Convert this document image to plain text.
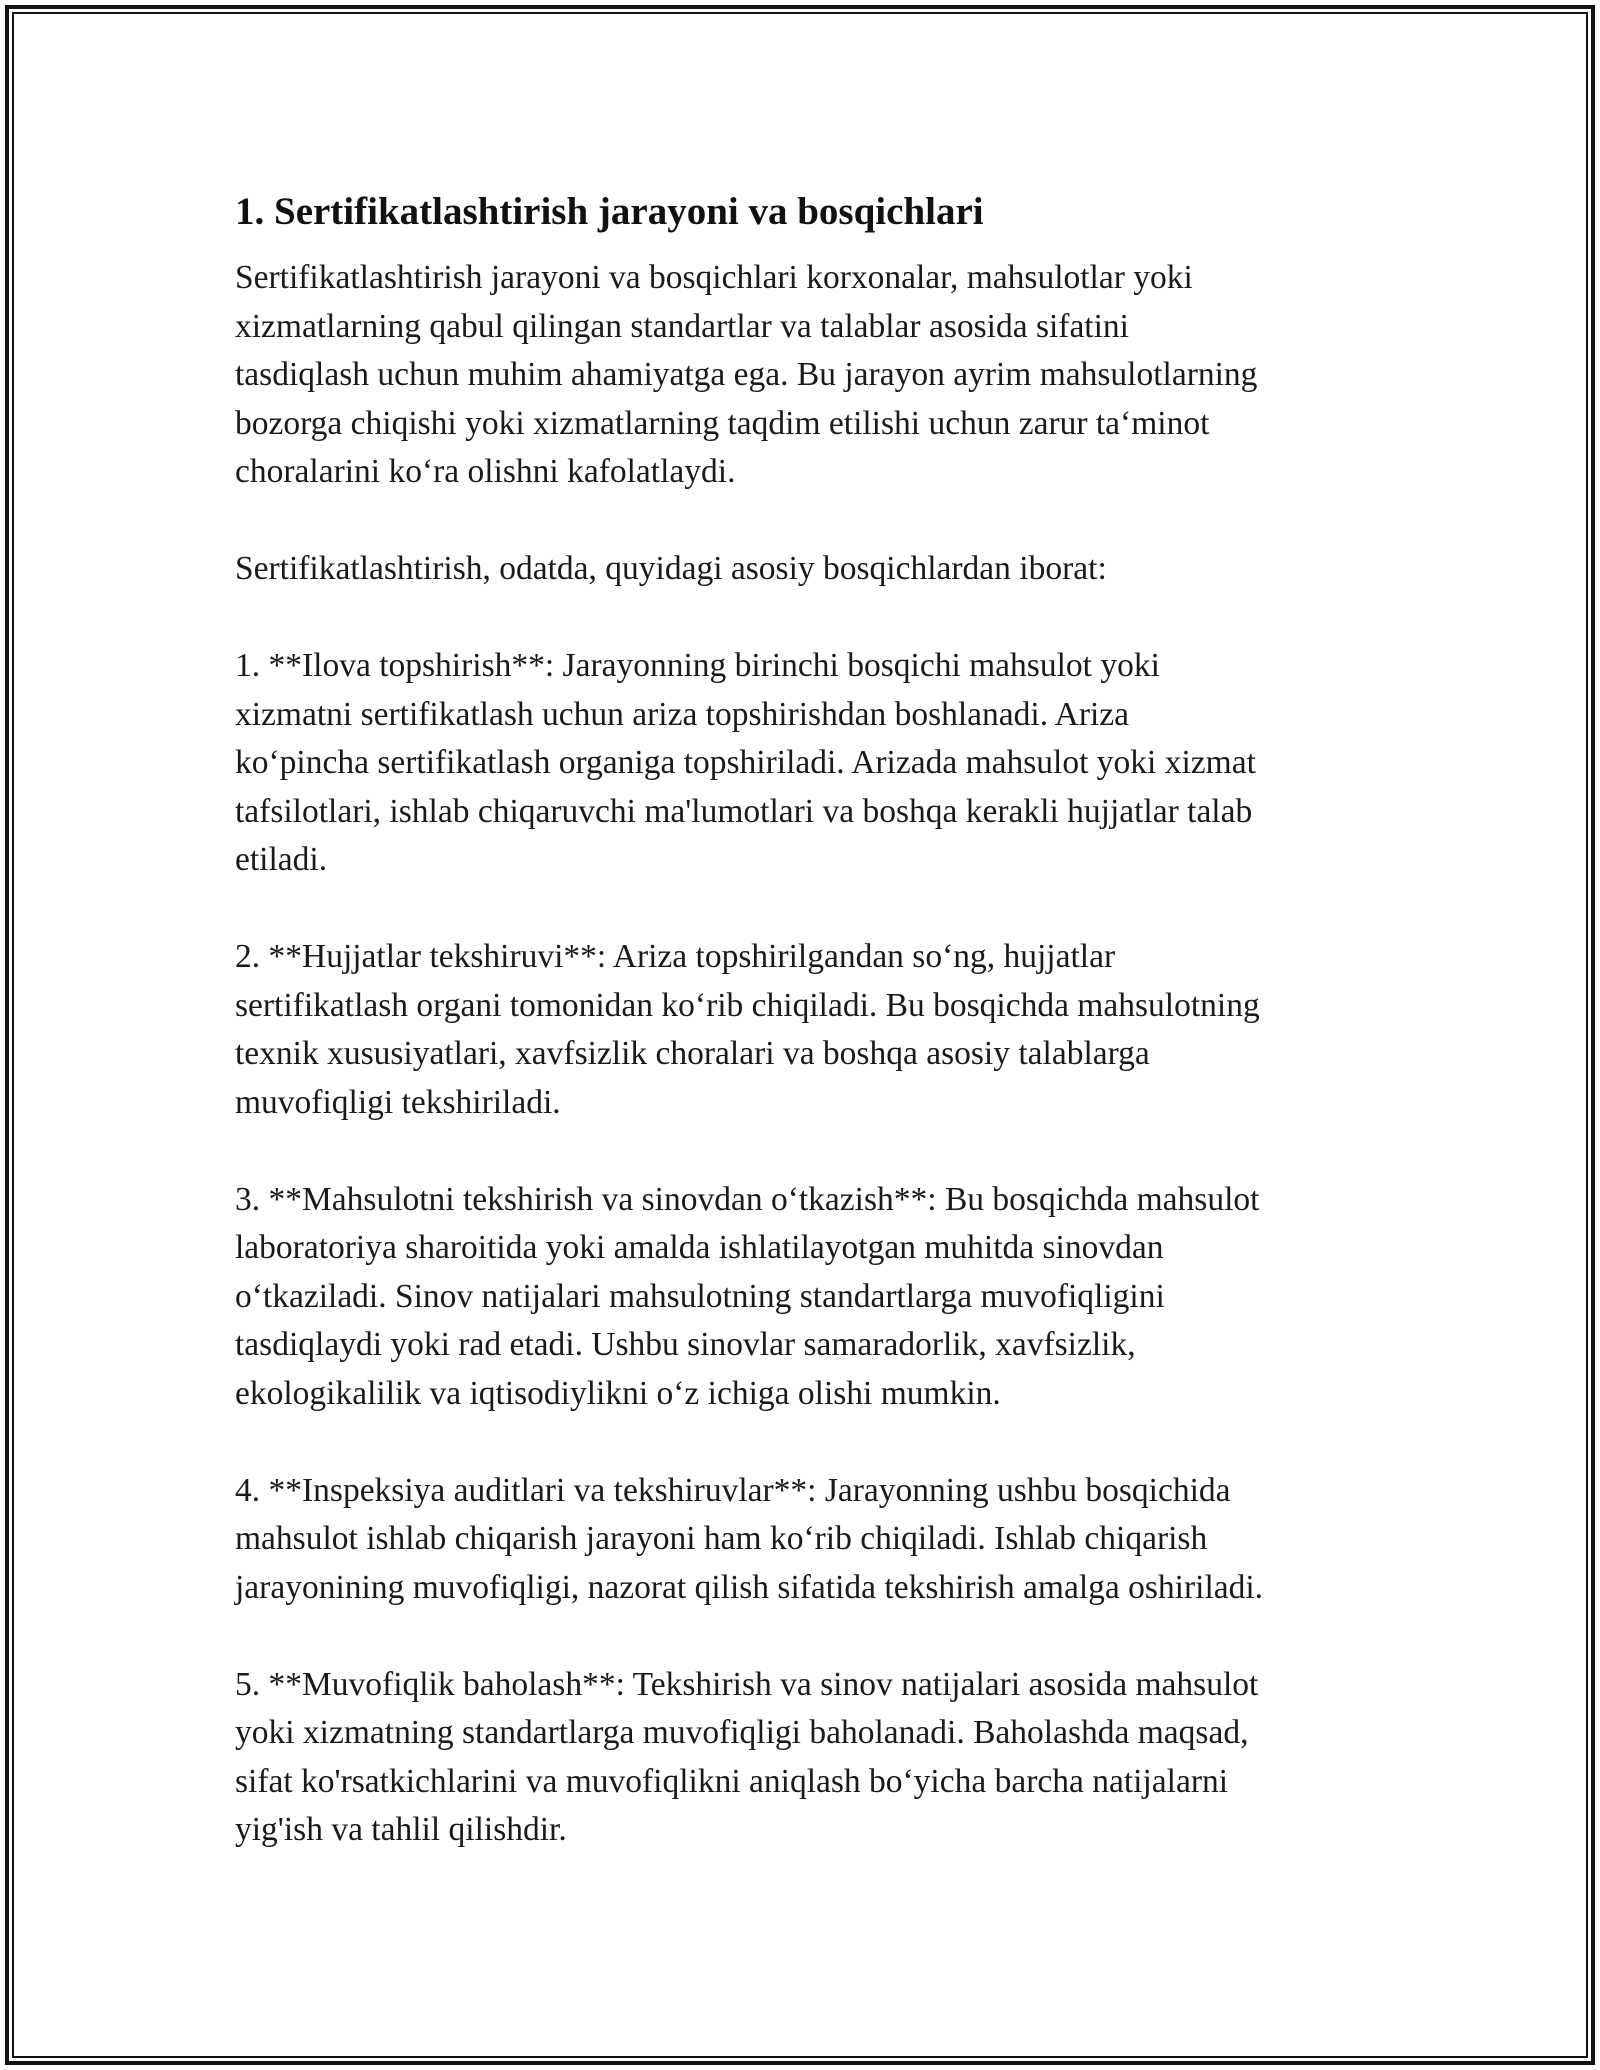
1. Sertifikatlashtirish jarayoni va bosqichlari

Sertifikatlashtirish jarayoni va bosqichlari korxonalar, mahsulotlar yoki
xizmatlarning qabul qilingan standartlar va talablar asosida sifatini
tasdiqlash uchun muhim ahamiyatga ega. Bu jarayon ayrim mahsulotlarning
bozorga chiqishi yoki xizmatlarning taqdim etilishi uchun zarur ta‘minot
choralarini ko‘ra olishni kafolatlaydi.

Sertifikatlashtirish, odatda, quyidagi asosiy bosqichlardan iborat:

1. **Ilova topshirish**: Jarayonning birinchi bosqichi mahsulot yoki
xizmatni sertifikatlash uchun ariza topshirishdan boshlanadi. Ariza
ko‘pincha sertifikatlash organiga topshiriladi. Arizada mahsulot yoki xizmat
tafsilotlari, ishlab chiqaruvchi ma'lumotlari va boshqa kerakli hujjatlar talab
etiladi.

2. **Hujjatlar tekshiruvi**: Ariza topshirilgandan so‘ng, hujjatlar
sertifikatlash organi tomonidan ko‘rib chiqiladi. Bu bosqichda mahsulotning
texnik xususiyatlari, xavfsizlik choralari va boshqa asosiy talablarga
muvofiqligi tekshiriladi.

3. **Mahsulotni tekshirish va sinovdan o‘tkazish**: Bu bosqichda mahsulot
laboratoriya sharoitida yoki amalda ishlatilayotgan muhitda sinovdan
o‘tkaziladi. Sinov natijalari mahsulotning standartlarga muvofiqligini
tasdiqlaydi yoki rad etadi. Ushbu sinovlar samaradorlik, xavfsizlik,
ekologikalilik va iqtisodiylikni o‘z ichiga olishi mumkin.

4. **Inspeksiya auditlari va tekshiruvlar**: Jarayonning ushbu bosqichida
mahsulot ishlab chiqarish jarayoni ham ko‘rib chiqiladi. Ishlab chiqarish
jarayonining muvofiqligi, nazorat qilish sifatida tekshirish amalga oshiriladi.

5. **Muvofiqlik baholash**: Tekshirish va sinov natijalari asosida mahsulot
yoki xizmatning standartlarga muvofiqligi baholanadi. Baholashda maqsad,
sifat ko'rsatkichlarini va muvofiqlikni aniqlash bo‘yicha barcha natijalarni
yig'ish va tahlil qilishdir.
